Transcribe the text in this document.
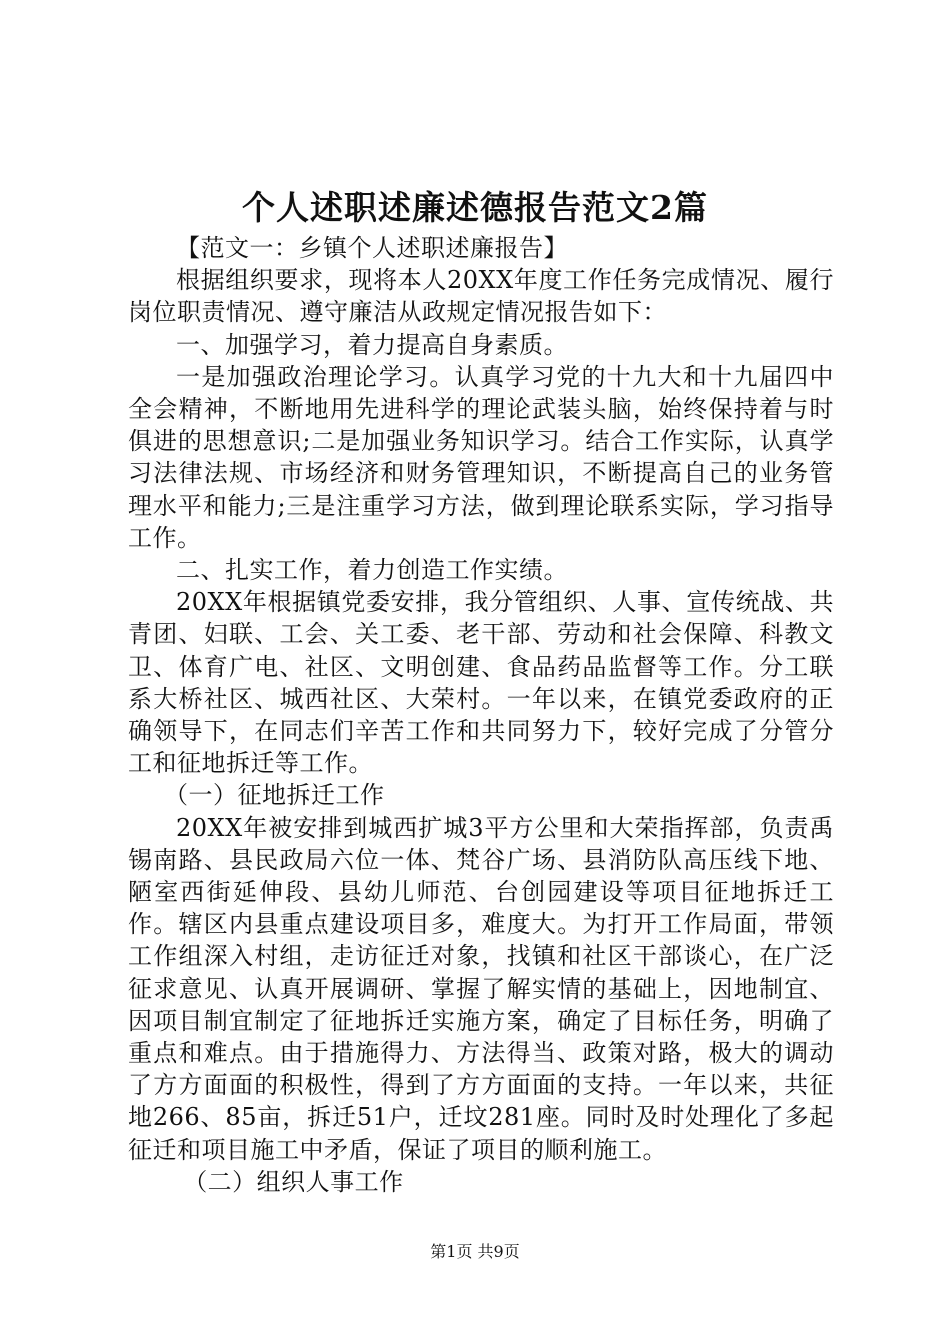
个人述职述廉述德报告范文2篇

【范文一：乡镇个人述职述廉报告】

根据组织要求，现将本人20XX年度工作任务完成情况、履行岗位职责情况、遵守廉洁从政规定情况报告如下：

一、加强学习，着力提高自身素质。

一是加强政治理论学习。认真学习党的十九大和十九届四中全会精神，不断地用先进科学的理论武装头脑，始终保持着与时俱进的思想意识;二是加强业务知识学习。结合工作实际，认真学习法律法规、市场经济和财务管理知识，不断提高自己的业务管理水平和能力;三是注重学习方法，做到理论联系实际，学习指导工作。

二、扎实工作，着力创造工作实绩。

20XX年根据镇党委安排，我分管组织、人事、宣传统战、共青团、妇联、工会、关工委、老干部、劳动和社会保障、科教文卫、体育广电、社区、文明创建、食品药品监督等工作。分工联系大桥社区、城西社区、大荣村。一年以来，在镇党委政府的正确领导下，在同志们辛苦工作和共同努力下，较好完成了分管分工和征地拆迁等工作。

（一）征地拆迁工作

20XX年被安排到城西扩城3平方公里和大荣指挥部，负责禹锡南路、县民政局六位一体、梵谷广场、县消防队高压线下地、陋室西街延伸段、县幼儿师范、台创园建设等项目征地拆迁工作。辖区内县重点建设项目多，难度大。为打开工作局面，带领工作组深入村组，走访征迁对象，找镇和社区干部谈心，在广泛征求意见、认真开展调研、掌握了解实情的基础上，因地制宜、因项目制宜制定了征地拆迁实施方案，确定了目标任务，明确了重点和难点。由于措施得力、方法得当、政策对路，极大的调动了方方面面的积极性，得到了方方面面的支持。一年以来，共征地266、85亩，拆迁51户，迁坟281座。同时及时处理化了多起征迁和项目施工中矛盾，保证了项目的顺利施工。

（二）组织人事工作

第1页 共9页
